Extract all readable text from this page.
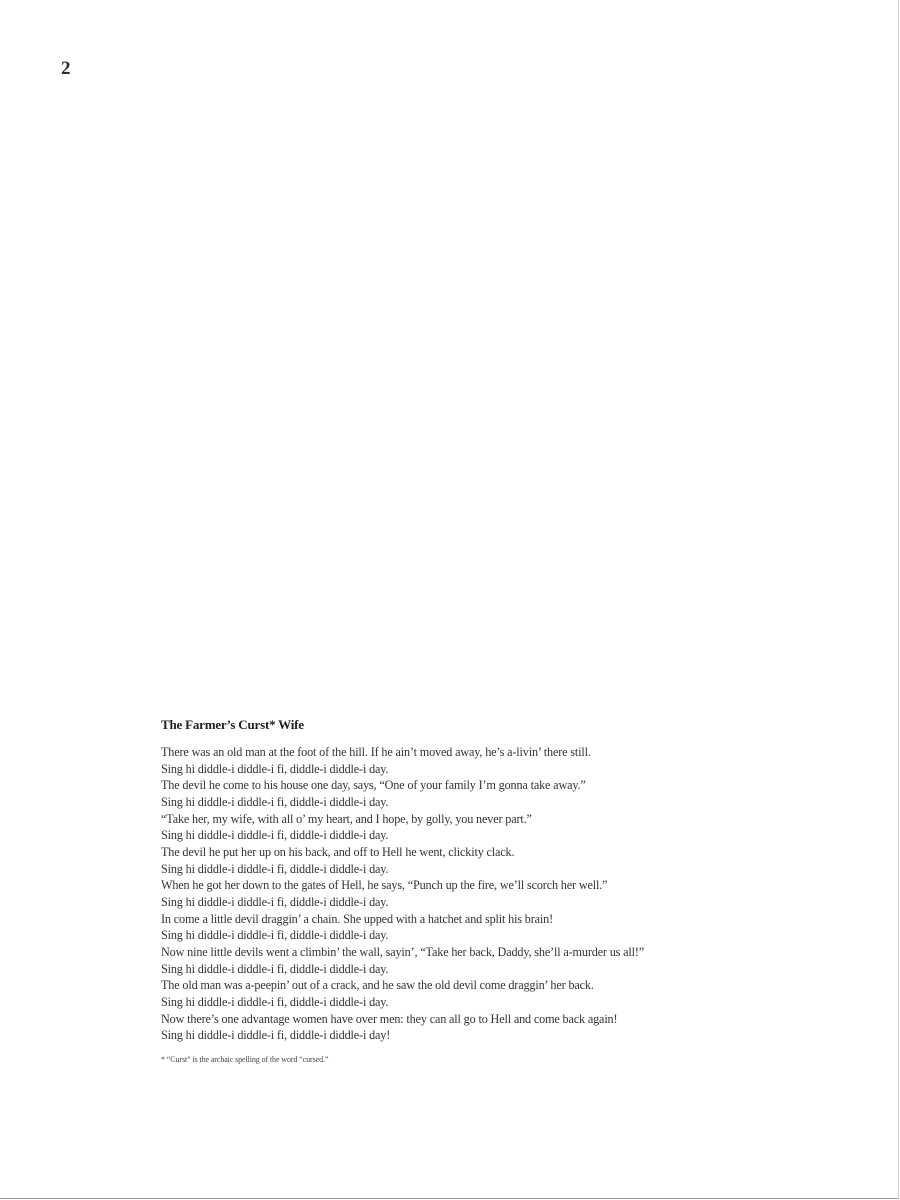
2
The Farmer’s Curst* Wife
There was an old man at the foot of the hill. If he ain’t moved away, he’s a-livin’ there still.
Sing hi diddle-i diddle-i fi, diddle-i diddle-i day.
The devil he come to his house one day, says, “One of your family I’m gonna take away.”
Sing hi diddle-i diddle-i fi, diddle-i diddle-i day.
“Take her, my wife, with all o’ my heart, and I hope, by golly, you never part.”
Sing hi diddle-i diddle-i fi, diddle-i diddle-i day.
The devil he put her up on his back, and off to Hell he went, clickity clack.
Sing hi diddle-i diddle-i fi, diddle-i diddle-i day.
When he got her down to the gates of Hell, he says, “Punch up the fire, we’ll scorch her well.”
Sing hi diddle-i diddle-i fi, diddle-i diddle-i day.
In come a little devil draggin’ a chain. She upped with a hatchet and split his brain!
Sing hi diddle-i diddle-i fi, diddle-i diddle-i day.
Now nine little devils went a climbin’ the wall, sayin’, “Take her back, Daddy, she’ll a-murder us all!”
Sing hi diddle-i diddle-i fi, diddle-i diddle-i day.
The old man was a-peepin’ out of a crack, and he saw the old devil come draggin’ her back.
Sing hi diddle-i diddle-i fi, diddle-i diddle-i day.
Now there’s one advantage women have over men: they can all go to Hell and come back again!
Sing hi diddle-i diddle-i fi, diddle-i diddle-i day!
* “Curst” is the archaic spelling of the word “cursed.”
